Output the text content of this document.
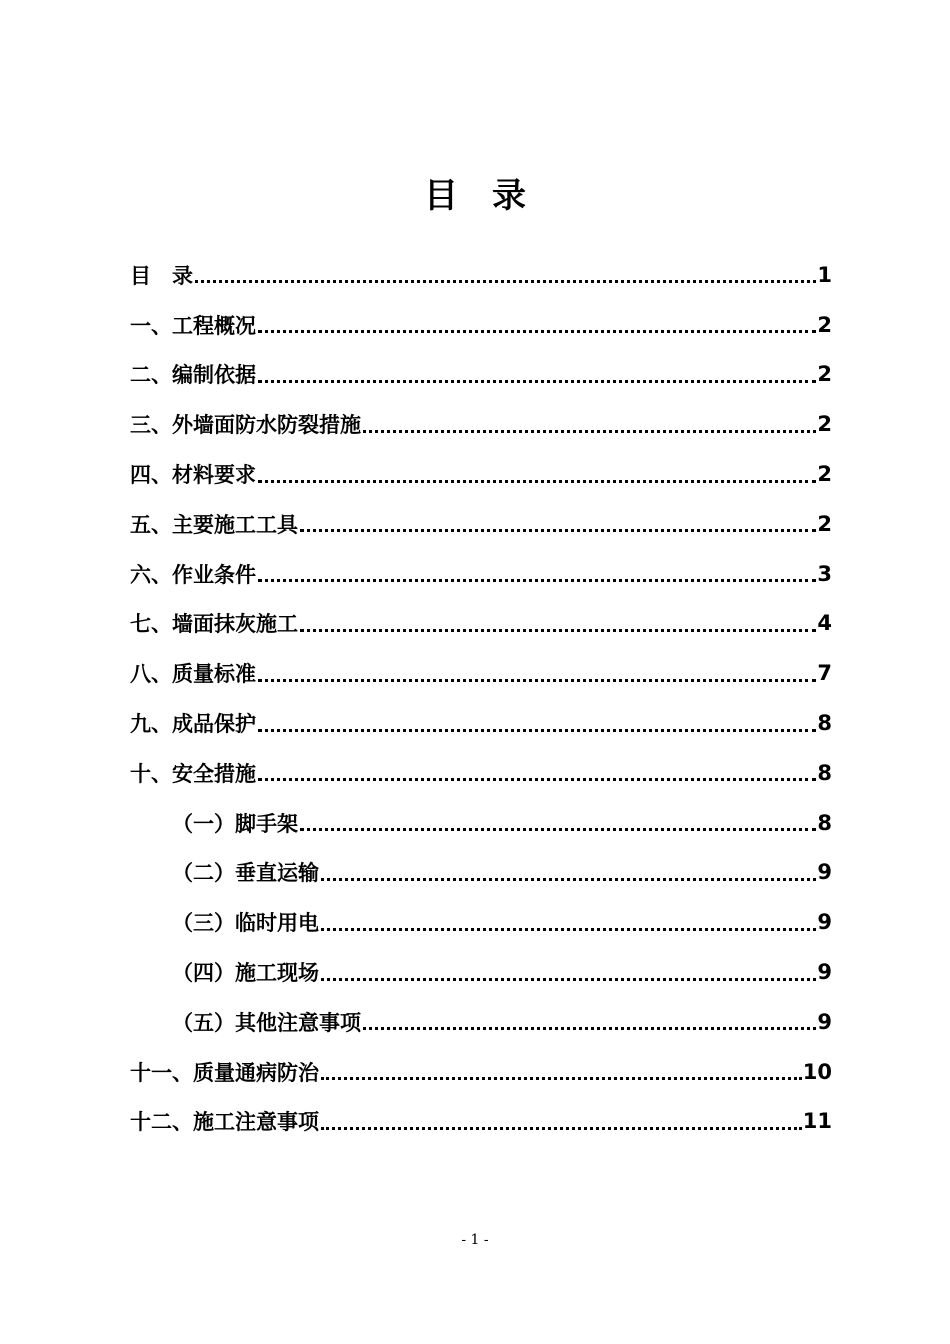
目 录
目　录	1
一、工程概况	2
二、编制依据	2
三、外墙面防水防裂措施	2
四、材料要求	2
五、主要施工工具	2
六、作业条件	3
七、墙面抹灰施工	4
八、质量标准	7
九、成品保护	8
十、安全措施	8
（一）脚手架	8
（二）垂直运输	9
（三）临时用电	9
（四）施工现场	9
（五）其他注意事项	9
十一、质量通病防治	10
十二、施工注意事项	11
- 1 -
